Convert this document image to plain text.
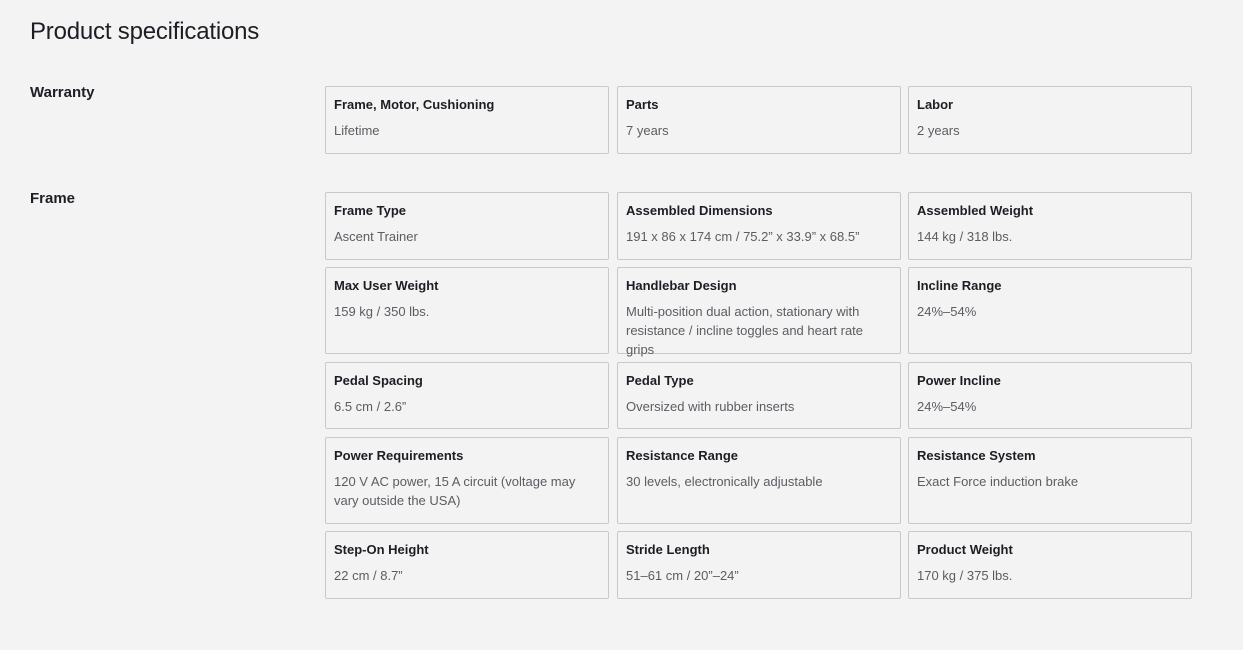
Product specifications
Warranty
Frame, Motor, Cushioning
Lifetime
Parts
7 years
Labor
2 years
Frame
Frame Type
Ascent Trainer
Assembled Dimensions
191 x 86 x 174 cm / 75.2” x 33.9” x 68.5”
Assembled Weight
144 kg / 318 lbs.
Max User Weight
159 kg / 350 lbs.
Handlebar Design
Multi-position dual action, stationary with resistance / incline toggles and heart rate grips
Incline Range
24%–54%
Pedal Spacing
6.5 cm / 2.6”
Pedal Type
Oversized with rubber inserts
Power Incline
24%–54%
Power Requirements
120 V AC power, 15 A circuit (voltage may vary outside the USA)
Resistance Range
30 levels, electronically adjustable
Resistance System
Exact Force induction brake
Step-On Height
22 cm / 8.7”
Stride Length
51–61 cm / 20”–24”
Product Weight
170 kg / 375 lbs.
